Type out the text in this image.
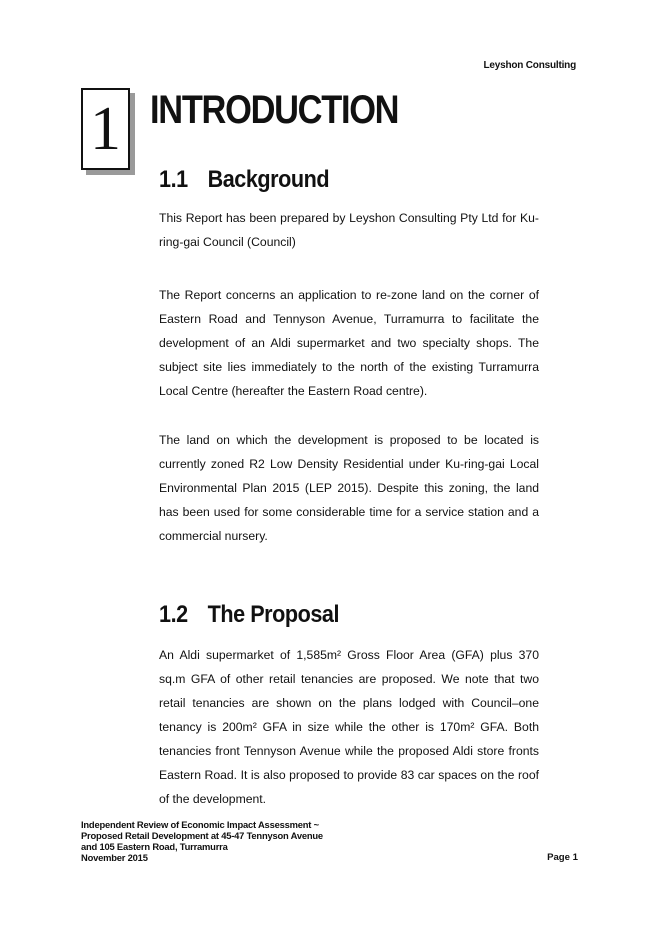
Leyshon Consulting
1 INTRODUCTION
1.1 Background
This Report has been prepared by Leyshon Consulting Pty Ltd for Ku-ring-gai Council (Council)
The Report concerns an application to re-zone land on the corner of Eastern Road and Tennyson Avenue, Turramurra to facilitate the development of an Aldi supermarket and two specialty shops. The subject site lies immediately to the north of the existing Turramurra Local Centre (hereafter the Eastern Road centre).
The land on which the development is proposed to be located is currently zoned R2 Low Density Residential under Ku-ring-gai Local Environmental Plan 2015 (LEP 2015). Despite this zoning, the land has been used for some considerable time for a service station and a commercial nursery.
1.2 The Proposal
An Aldi supermarket of 1,585m² Gross Floor Area (GFA) plus 370 sq.m GFA of other retail tenancies are proposed. We note that two retail tenancies are shown on the plans lodged with Council–one tenancy is 200m² GFA in size while the other is 170m² GFA. Both tenancies front Tennyson Avenue while the proposed Aldi store fronts Eastern Road. It is also proposed to provide 83 car spaces on the roof of the development.
Independent Review of Economic Impact Assessment ~
Proposed Retail Development at 45-47 Tennyson Avenue
and 105 Eastern Road, Turramurra
November 2015	Page 1
